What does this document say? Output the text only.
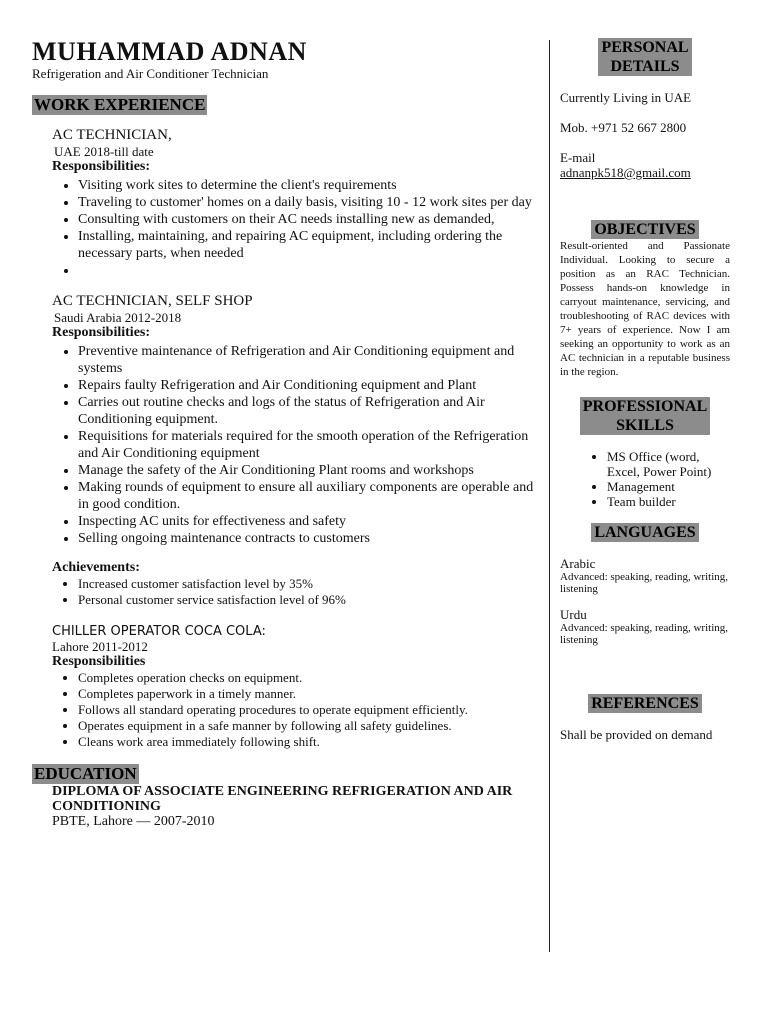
MUHAMMAD ADNAN
Refrigeration and Air Conditioner Technician
WORK EXPERIENCE
AC TECHNICIAN,
UAE 2018-till date
Responsibilities:
• Visiting work sites to determine the client's requirements
• Traveling to customer' homes on a daily basis, visiting 10 - 12 work sites per day
• Consulting with customers on their AC needs installing new as demanded,
• Installing, maintaining, and repairing AC equipment, including ordering the necessary parts, when needed
•
AC TECHNICIAN, SELF SHOP
Saudi Arabia 2012-2018
Responsibilities:
• Preventive maintenance of Refrigeration and Air Conditioning equipment and systems
• Repairs faulty Refrigeration and Air Conditioning equipment and Plant
• Carries out routine checks and logs of the status of Refrigeration and Air Conditioning equipment.
• Requisitions for materials required for the smooth operation of the Refrigeration and Air Conditioning equipment
• Manage the safety of the Air Conditioning Plant rooms and workshops
• Making rounds of equipment to ensure all auxiliary components are operable and in good condition.
• Inspecting AC units for effectiveness and safety
• Selling ongoing maintenance contracts to customers
Achievements:
• Increased customer satisfaction level by 35%
• Personal customer service satisfaction level of 96%
CHILLER OPERATOR COCA COLA:
Lahore 2011-2012
Responsibilities
• Completes operation checks on equipment.
• Completes paperwork in a timely manner.
• Follows all standard operating procedures to operate equipment efficiently.
• Operates equipment in a safe manner by following all safety guidelines.
• Cleans work area immediately following shift.
EDUCATION
DIPLOMA OF ASSOCIATE ENGINEERING REFRIGERATION AND AIR CONDITIONING
PBTE, Lahore — 2007-2010
PERSONAL
DETAILS
Currently Living in UAE
Mob. +971 52 667 2800
E-mail
adnanpk518@gmail.com
OBJECTIVES
Result-oriented and Passionate Individual. Looking to secure a position as an RAC Technician. Possess hands-on knowledge in carryout maintenance, servicing, and troubleshooting of RAC devices with 7+ years of experience. Now I am seeking an opportunity to work as an AC technician in a reputable business in the region.
PROFESSIONAL
SKILLS
• MS Office (word, Excel, Power Point)
• Management
• Team builder
LANGUAGES
Arabic
Advanced: speaking, reading, writing, listening
Urdu
Advanced: speaking, reading, writing, listening
REFERENCES
Shall be provided on demand
